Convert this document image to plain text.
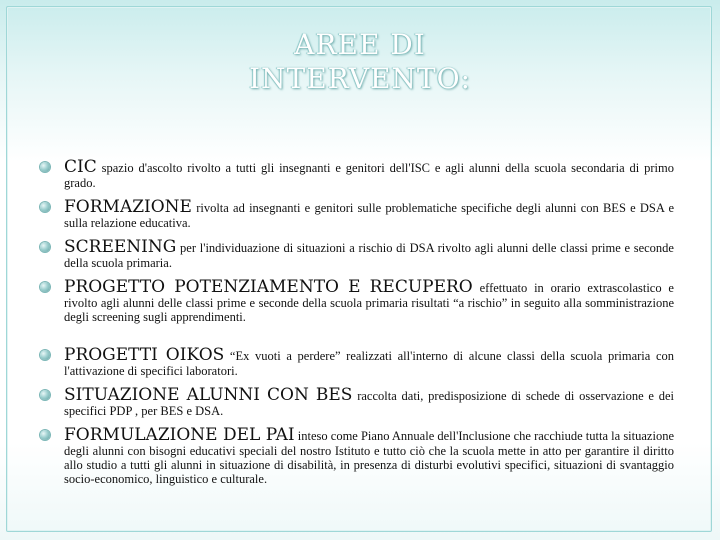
AREE DI
INTERVENTO:
CIC spazio d'ascolto rivolto a tutti gli insegnanti e genitori dell'ISC e agli alunni della scuola secondaria di primo grado.
FORMAZIONE rivolta ad insegnanti e genitori sulle problematiche specifiche degli alunni con BES e DSA e sulla relazione educativa.
SCREENING per l'individuazione di situazioni a rischio di DSA rivolto agli alunni delle classi prime e seconde della scuola primaria.
PROGETTO POTENZIAMENTO E RECUPERO effettuato in orario extrascolastico e rivolto agli alunni delle classi prime e seconde della scuola primaria risultati “a rischio” in seguito alla somministrazione degli screening sugli apprendimenti.
PROGETTI OIKOS “Ex vuoti a perdere” realizzati all'interno di alcune classi della scuola primaria con l'attivazione di specifici laboratori.
SITUAZIONE ALUNNI CON BES raccolta dati, predisposizione di schede di osservazione e dei specifici PDP , per BES e DSA.
FORMULAZIONE DEL PAI inteso come Piano Annuale dell'Inclusione che racchiude tutta la situazione degli alunni con bisogni educativi speciali del nostro Istituto e tutto ciò che la scuola mette in atto per garantire il diritto allo studio a tutti gli alunni in situazione di disabilità, in presenza di disturbi evolutivi specifici, situazioni di svantaggio socio-economico, linguistico e culturale.
